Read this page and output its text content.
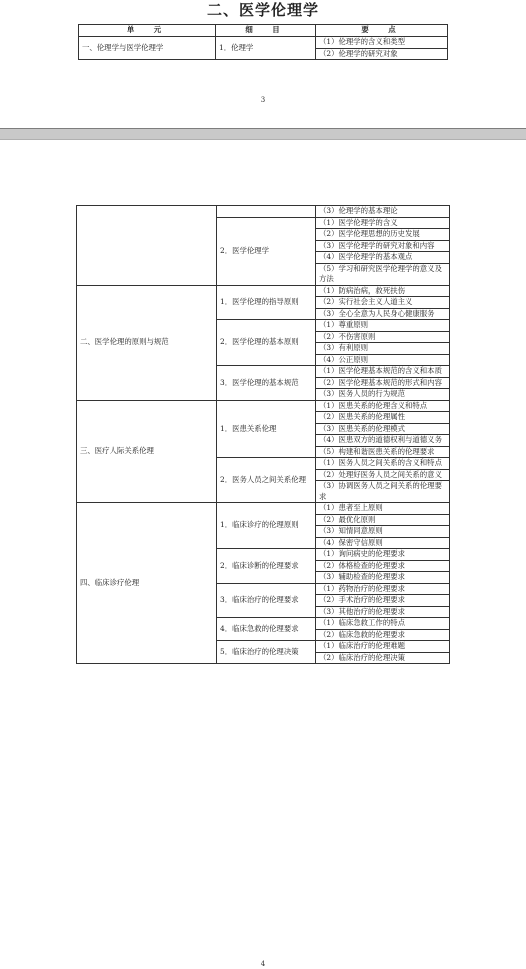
二、医学伦理学
单　元	细　目	要　点
一、伦理学与医学伦理学	1．伦理学	（1）伦理学的含义和类型
		（2）伦理学的研究对象
3
4
		（3）伦理学的基本理论
	2．医学伦理学	（1）医学伦理学的含义
		（2）医学伦理思想的历史发展
		（3）医学伦理学的研究对象和内容
		（4）医学伦理学的基本观点
		（5）学习和研究医学伦理学的意义及方法
二、医学伦理的原则与规范	1．医学伦理的指导原则	（1）防病治病，救死扶伤
		（2）实行社会主义人道主义
		（3）全心全意为人民身心健康服务
	2．医学伦理的基本原则	（1）尊重原则
		（2）不伤害原则
		（3）有利原则
		（4）公正原则
	3．医学伦理的基本规范	（1）医学伦理基本规范的含义和本质
		（2）医学伦理基本规范的形式和内容
		（3）医务人员的行为规范
三、医疗人际关系伦理	1．医患关系伦理	（1）医患关系的伦理含义和特点
		（2）医患关系的伦理属性
		（3）医患关系的伦理模式
		（4）医患双方的道德权利与道德义务
		（5）构建和谐医患关系的伦理要求
	2．医务人员之间关系伦理	（1）医务人员之间关系的含义和特点
		（2）处理好医务人员之间关系的意义
		（3）协调医务人员之间关系的伦理要求
四、临床诊疗伦理	1．临床诊疗的伦理原则	（1）患者至上原则
		（2）最优化原则
		（3）知情同意原则
		（4）保密守信原则
	2．临床诊断的伦理要求	（1）询问病史的伦理要求
		（2）体格检查的伦理要求
		（3）辅助检查的伦理要求
	3．临床治疗的伦理要求	（1）药物治疗的伦理要求
		（2）手术治疗的伦理要求
		（3）其他治疗的伦理要求
	4．临床急救的伦理要求	（1）临床急救工作的特点
		（2）临床急救的伦理要求
	5．临床治疗的伦理决策	（1）临床治疗的伦理难题
		（2）临床治疗的伦理决策
